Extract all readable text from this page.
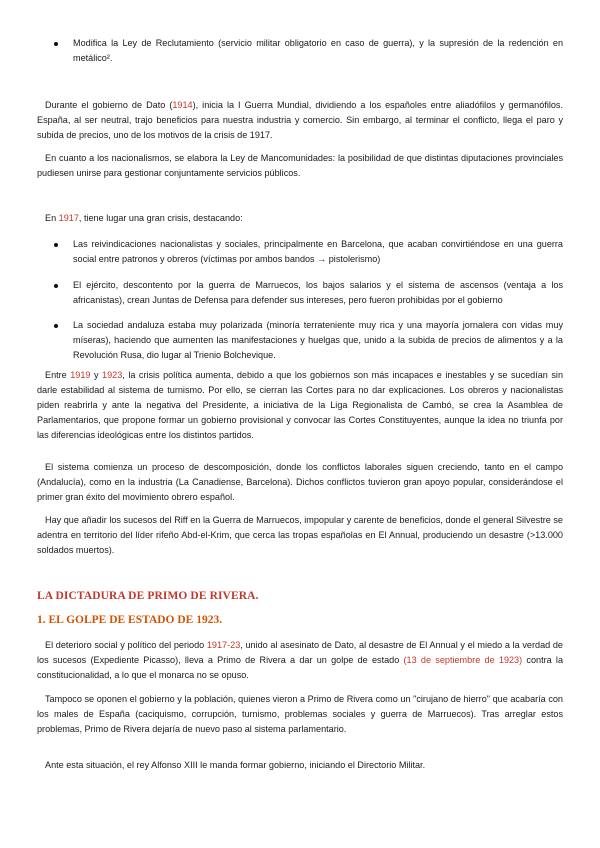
Modifica la Ley de Reclutamiento (servicio militar obligatorio en caso de guerra), y la supresión de la redención en metálico².

Durante el gobierno de Dato (1914), inicia la I Guerra Mundial, dividiendo a los españoles entre aliadófilos y germanófilos. España, al ser neutral, trajo beneficios para nuestra industria y comercio. Sin embargo, al terminar el conflicto, llega el paro y subida de precios, uno de los motivos de la crisis de 1917.

En cuanto a los nacionalismos, se elabora la Ley de Mancomunidades: la posibilidad de que distintas diputaciones provinciales pudiesen unirse para gestionar conjuntamente servicios públicos.

En 1917, tiene lugar una gran crisis, destacando:

Las reivindicaciones nacionalistas y sociales, principalmente en Barcelona, que acaban convirtiéndose en una guerra social entre patronos y obreros (víctimas por ambos bandos → pistolerismo)

El ejército, descontento por la guerra de Marruecos, los bajos salarios y el sistema de ascensos (ventaja a los africanistas), crean Juntas de Defensa para defender sus intereses, pero fueron prohibidas por el gobierno

La sociedad andaluza estaba muy polarizada (minoría terrateniente muy rica y una mayoría jornalera con vidas muy míseras), haciendo que aumenten las manifestaciones y huelgas que, unido a la subida de precios de alimentos y a la Revolución Rusa, dio lugar al Trienio Bolchevique.

Entre 1919 y 1923, la crisis política aumenta, debido a que los gobiernos son más incapaces e inestables y se sucedían sin darle estabilidad al sistema de turnismo. Por ello, se cierran las Cortes para no dar explicaciones. Los obreros y nacionalistas piden reabrirla y ante la negativa del Presidente, a iniciativa de la Liga Regionalista de Cambó, se crea la Asamblea de Parlamentarios, que propone formar un gobierno provisional y convocar las Cortes Constituyentes, aunque la idea no triunfa por las diferencias ideológicas entre los distintos partidos.

El sistema comienza un proceso de descomposición, donde los conflictos laborales siguen creciendo, tanto en el campo (Andalucía), como en la industria (La Canadiense, Barcelona). Dichos conflictos tuvieron gran apoyo popular, considerándose el primer gran éxito del movimiento obrero español.

Hay que añadir los sucesos del Riff en la Guerra de Marruecos, impopular y carente de beneficios, donde el general Silvestre se adentra en territorio del líder rifeño Abd-el-Krim, que cerca las tropas españolas en El Annual, produciendo un desastre (>13.000 soldados muertos).

LA DICTADURA DE PRIMO DE RIVERA.
1. EL GOLPE DE ESTADO DE 1923.

El deterioro social y político del periodo 1917-23, unido al asesinato de Dato, al desastre de El Annual y el miedo a la verdad de los sucesos (Expediente Picasso), lleva a Primo de Rivera a dar un golpe de estado (13 de septiembre de 1923) contra la constitucionalidad, a lo que el monarca no se opuso.

Tampoco se oponen el gobierno y la población, quienes vieron a Primo de Rivera como un "cirujano de hierro" que acabaría con los males de España (caciquismo, corrupción, turnismo, problemas sociales y guerra de Marruecos). Tras arreglar estos problemas, Primo de Rivera dejaría de nuevo paso al sistema parlamentario.

Ante esta situación, el rey Alfonso XIII le manda formar gobierno, iniciando el Directorio Militar.
